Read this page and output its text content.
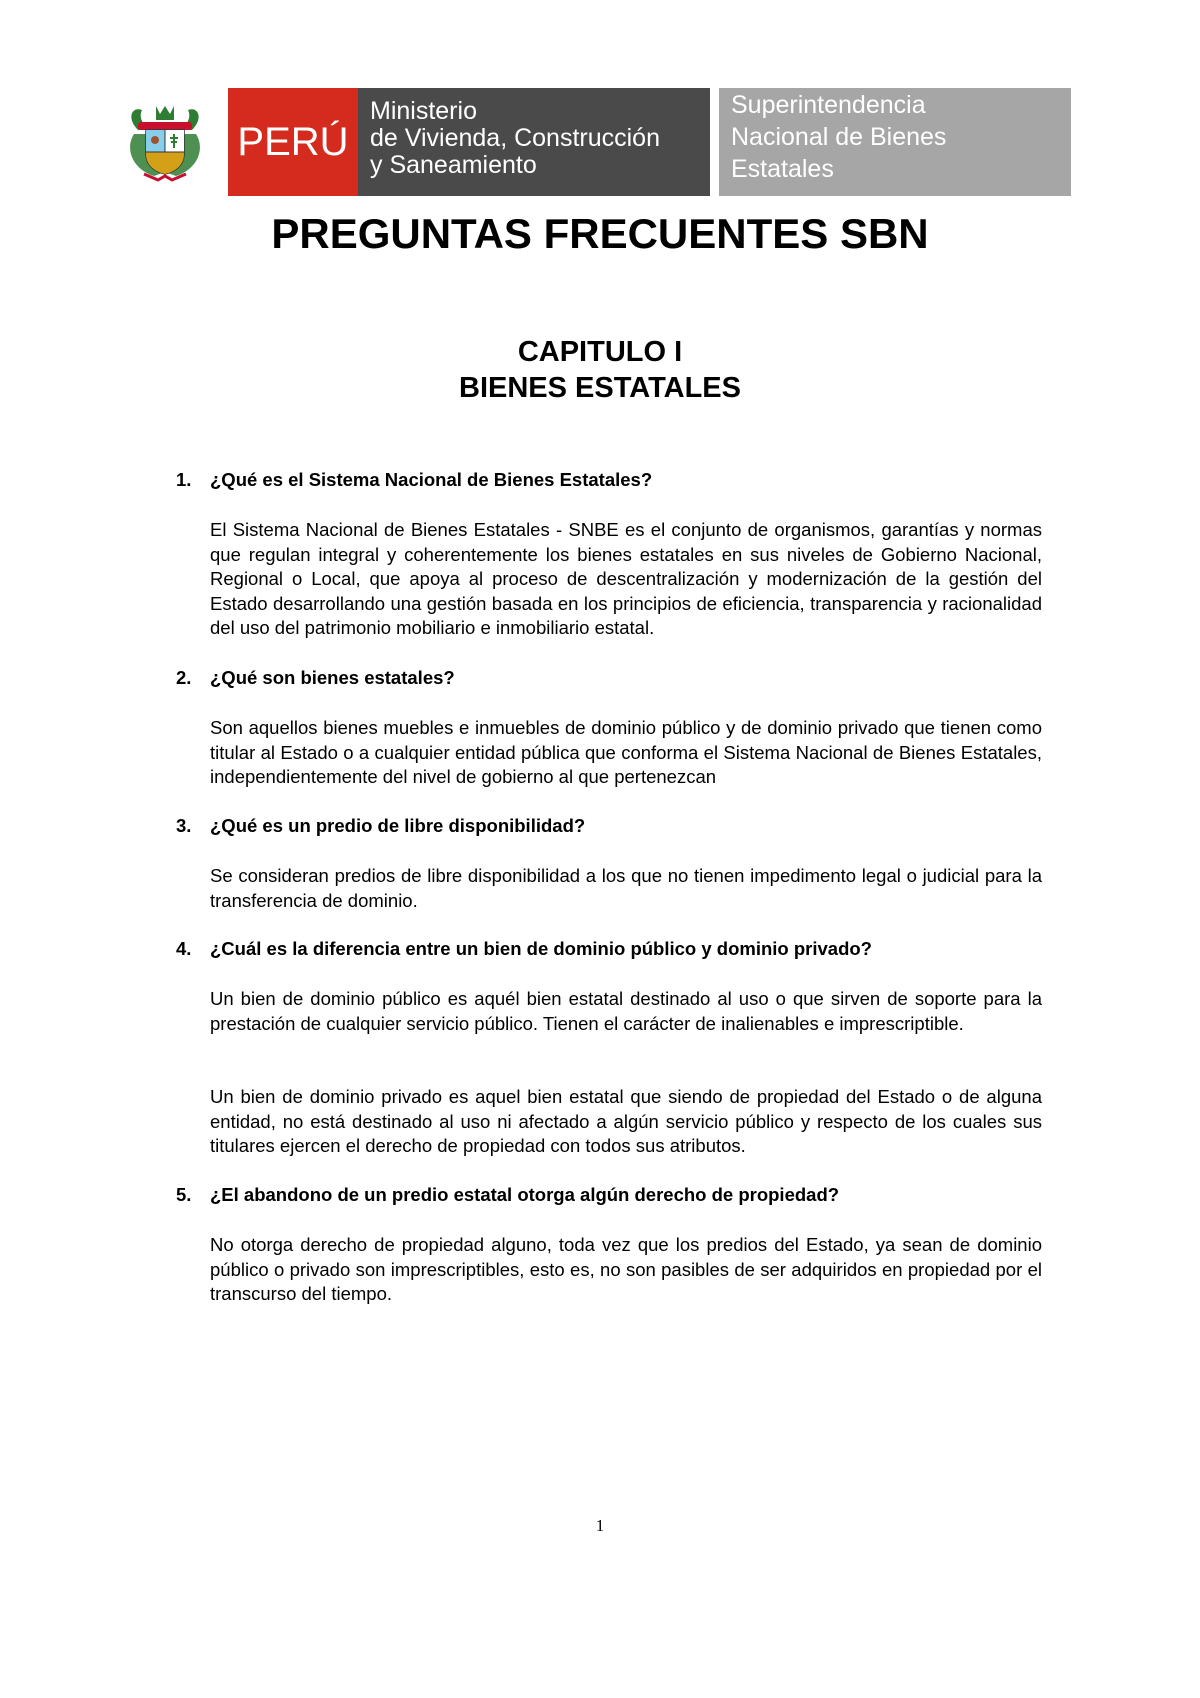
PERÚ
Ministerio
de Vivienda, Construcción
y Saneamiento
Superintendencia
Nacional de Bienes
Estatales
PREGUNTAS FRECUENTES SBN
CAPITULO I
BIENES ESTATALES
1. ¿Qué es el Sistema Nacional de Bienes Estatales?

El Sistema Nacional de Bienes Estatales - SNBE es el conjunto de organismos, garantías y normas que regulan integral y coherentemente los bienes estatales en sus niveles de Gobierno Nacional, Regional o Local, que apoya al proceso de descentralización y modernización de la gestión del Estado desarrollando una gestión basada en los principios de eficiencia, transparencia y racionalidad del uso del patrimonio mobiliario e inmobiliario estatal.

2. ¿Qué son bienes estatales?

Son aquellos bienes muebles e inmuebles de dominio público y de dominio privado que tienen como titular al Estado o a cualquier entidad pública que conforma el Sistema Nacional de Bienes Estatales, independientemente del nivel de gobierno al que pertenezcan

3. ¿Qué es un predio de libre disponibilidad?

Se consideran predios de libre disponibilidad a los que no tienen impedimento legal o judicial para la transferencia de dominio.

4. ¿Cuál es la diferencia entre un bien de dominio público y dominio privado?

Un bien de dominio público es aquél bien estatal destinado al uso o que sirven de soporte para la prestación de cualquier servicio público. Tienen el carácter de inalienables e imprescriptible.

Un bien de dominio privado es aquel bien estatal que siendo de propiedad del Estado o de alguna entidad, no está destinado al uso ni afectado a algún servicio público y respecto de los cuales sus titulares ejercen el derecho de propiedad con todos sus atributos.

5. ¿El abandono de un predio estatal otorga algún derecho de propiedad?

No otorga derecho de propiedad alguno, toda vez que los predios del Estado, ya sean de dominio público o privado son imprescriptibles, esto es, no son pasibles de ser adquiridos en propiedad por el transcurso del tiempo.

1
